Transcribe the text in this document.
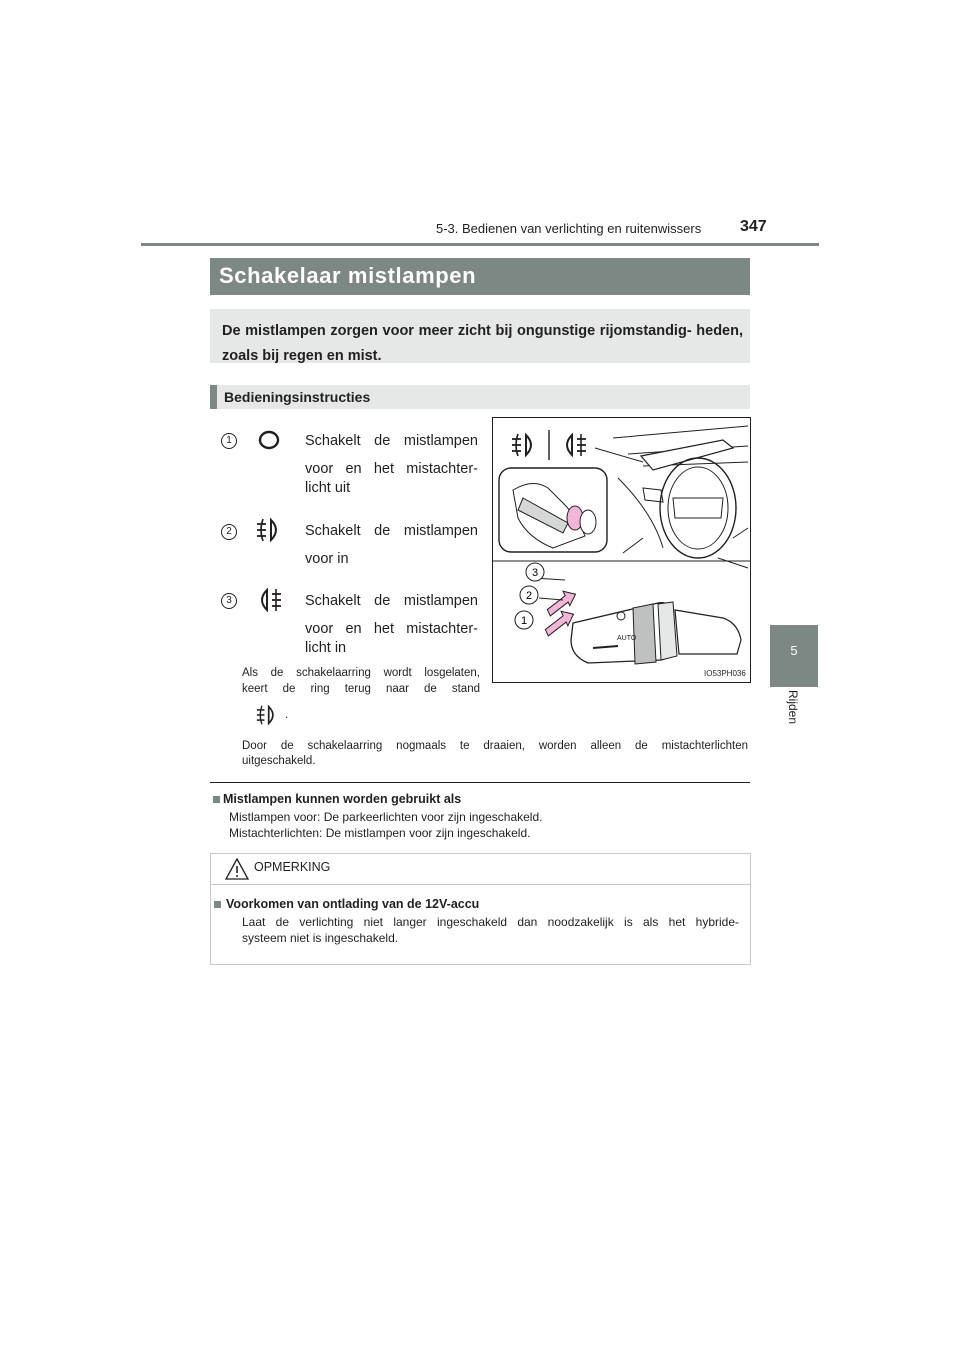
5-3. Bedienen van verlichting en ruitenwissers 347
5
Rijden
Schakelaar mistlampen

De mistlampen zorgen voor meer zicht bij ongunstige rijomstandig- heden, zoals bij regen en mist.

Bedieningsinstructies
1	Schakelt de mistlampen
voor en het mistachter-
licht uit
2	Schakelt de mistlampen
voor in
3	Schakelt de mistlampen
voor en het mistachter-
licht in
Als de schakelaarring wordt losgelaten,
keert de ring terug naar de stand
.
Door de schakelaarring nogmaals te draaien, worden alleen de mistachterlichten
uitgeschakeld.
AUTO
3
2
1
IO53PH036
Mistlampen kunnen worden gebruikt als
Mistlampen voor: De parkeerlichten voor zijn ingeschakeld.
Mistachterlichten: De mistlampen voor zijn ingeschakeld.
OPMERKING
Voorkomen van ontlading van de 12V-accu
Laat de verlichting niet langer ingeschakeld dan noodzakelijk is als het hybride-
systeem niet is ingeschakeld.
